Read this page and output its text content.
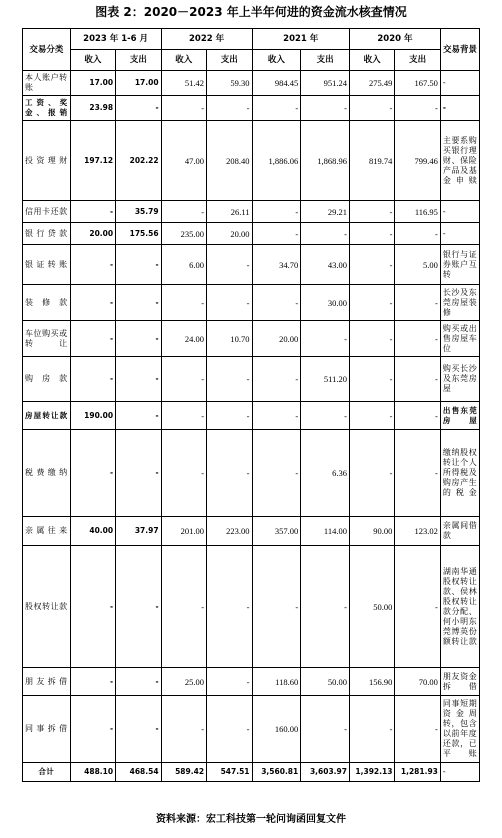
图表 2：2020－2023 年上半年何进的资金流水核查情况
交易分类	2023 年 1-6 月		2022 年		2021 年		2020 年		交易背景
	收入	支出	收入	支出	收入	支出	收入	支出	
本人账户转账	17.00	17.00	51.42	59.30	984.45	951.24	275.49	167.50	-
工资、奖金、报销	23.98	-	-	-	-	-	-	-	-
投资理财	197.12	202.22	47.00	208.40	1,886.06	1,868.96	819.74	799.46	主要系购买银行理财、保险产品及基金申赎
信用卡还款	-	35.79	-	26.11	-	29.21	-	116.95	-
银行贷款	20.00	175.56	235.00	20.00	-	-	-	-	-
银证转账	-	-	6.00	-	34.70	43.00	-	5.00	银行与证券账户互转
装修款	-	-	-	-	-	30.00	-	-	长沙及东莞房屋装修
车位购买或转让	-	-	24.00	10.70	20.00	-	-	-	购买或出售房屋车位
购房款	-	-	-	-	-	511.20	-	-	购买长沙及东莞房屋
房屋转让款	190.00	-	-	-	-	-	-	-	出售东莞房屋
税费缴纳	-	-	-	-	-	6.36	-	-	缴纳股权转让个人所得税及购房产生的税金
亲属往来	40.00	37.97	201.00	223.00	357.00	114.00	90.00	123.02	亲属间借款
股权转让款	-	-	-	-	-	-	50.00	-	湖南华通股权转让款、侯林股权转让款分配、何小明东莞博英份额转让款
朋友拆借	-	-	25.00	-	118.60	50.00	156.90	70.00	朋友资金拆借
同事拆借	-	-	-	-	160.00	-	-	-	同事短期资金周转，包含以前年度还款，已平账
合计	488.10	468.54	589.42	547.51	3,560.81	3,603.97	1,392.13	1,281.93	-
资料来源：宏工科技第一轮问询函回复文件
